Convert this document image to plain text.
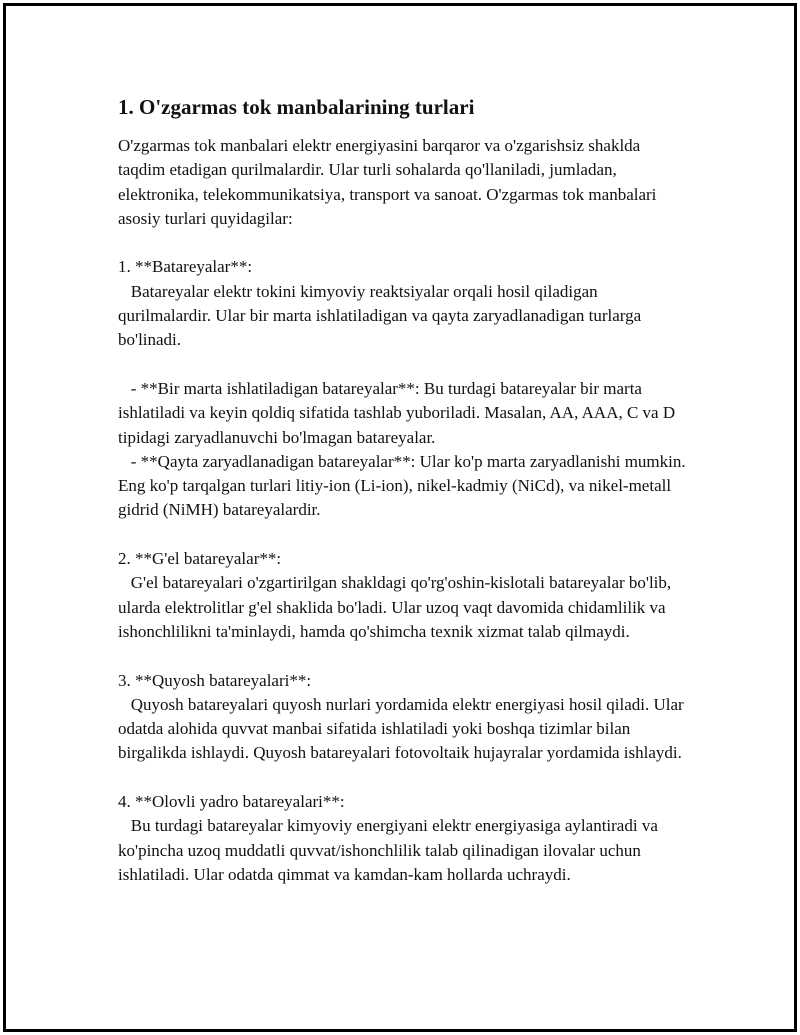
1. O'zgarmas tok manbalarining turlari

O'zgarmas tok manbalari elektr energiyasini barqaror va o'zgarishsiz shaklda taqdim etadigan qurilmalardir. Ular turli sohalarda qo'llaniladi, jumladan, elektronika, telekommunikatsiya, transport va sanoat. O'zgarmas tok manbalari asosiy turlari quyidagilar:

1. **Batareyalar**:

Batareyalar elektr tokini kimyoviy reaktsiyalar orqali hosil qiladigan qurilmalardir. Ular bir marta ishlatiladigan va qayta zaryadlanadigan turlarga bo'linadi.

- **Bir marta ishlatiladigan batareyalar**: Bu turdagi batareyalar bir marta ishlatiladi va keyin qoldiq sifatida tashlab yuboriladi. Masalan, AA, AAA, C va D tipidagi zaryadlanuvchi bo'lmagan batareyalar.

- **Qayta zaryadlanadigan batareyalar**: Ular ko'p marta zaryadlanishi mumkin. Eng ko'p tarqalgan turlari litiy-ion (Li-ion), nikel-kadmiy (NiCd), va nikel-metall gidrid (NiMH) batareyalardir.

2. **G'el batareyalar**:

G'el batareyalari o'zgartirilgan shakldagi qo'rg'oshin-kislotali batareyalar bo'lib, ularda elektrolitlar g'el shaklida bo'ladi. Ular uzoq vaqt davomida chidamlilik va ishonchlilikni ta'minlaydi, hamda qo'shimcha texnik xizmat talab qilmaydi.

3. **Quyosh batareyalari**:

Quyosh batareyalari quyosh nurlari yordamida elektr energiyasi hosil qiladi. Ular odatda alohida quvvat manbai sifatida ishlatiladi yoki boshqa tizimlar bilan birgalikda ishlaydi. Quyosh batareyalari fotovoltaik hujayralar yordamida ishlaydi.

4. **Olovli yadro batareyalari**:

Bu turdagi batareyalar kimyoviy energiyani elektr energiyasiga aylantiradi va ko'pincha uzoq muddatli quvvat/ishonchlilik talab qilinadigan ilovalar uchun ishlatiladi. Ular odatda qimmat va kamdan-kam hollarda uchraydi.
